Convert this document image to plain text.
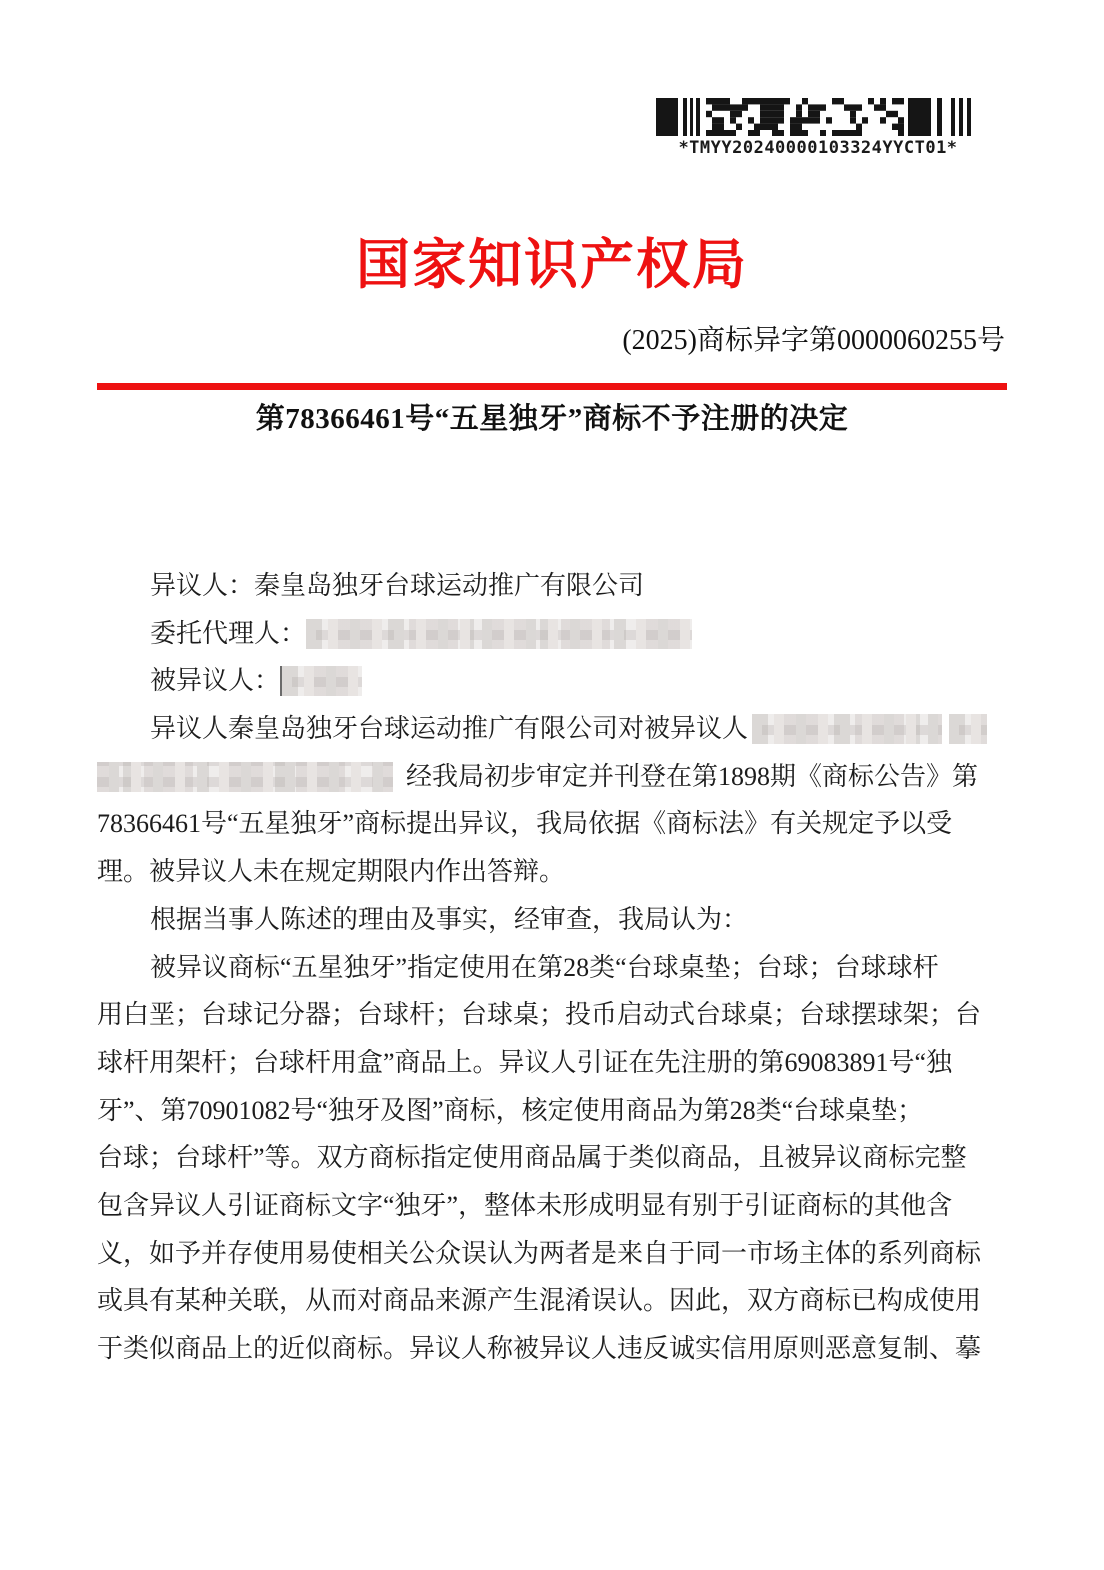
*TMYY20240000103324YYCT01*
国家知识产权局
(2025)商标异字第0000060255号
第78366461号“五星独牙”商标不予注册的决定
异议人：秦皇岛独牙台球运动推广有限公司
委托代理人：
被异议人：
异议人秦皇岛独牙台球运动推广有限公司对被异议人
经我局初步审定并刊登在第1898期《商标公告》第
78366461号“五星独牙”商标提出异议，我局依据《商标法》有关规定予以受
理。被异议人未在规定期限内作出答辩。
根据当事人陈述的理由及事实，经审查，我局认为：
被异议商标“五星独牙”指定使用在第28类“台球桌垫；台球；台球球杆
用白垩；台球记分器；台球杆；台球桌；投币启动式台球桌；台球摆球架；台
球杆用架杆；台球杆用盒”商品上。异议人引证在先注册的第69083891号“独
牙”、第70901082号“独牙及图”商标，核定使用商品为第28类“台球桌垫；
台球；台球杆”等。双方商标指定使用商品属于类似商品，且被异议商标完整
包含异议人引证商标文字“独牙”，整体未形成明显有别于引证商标的其他含
义，如予并存使用易使相关公众误认为两者是来自于同一市场主体的系列商标
或具有某种关联，从而对商品来源产生混淆误认。因此，双方商标已构成使用
于类似商品上的近似商标。异议人称被异议人违反诚实信用原则恶意复制、摹
